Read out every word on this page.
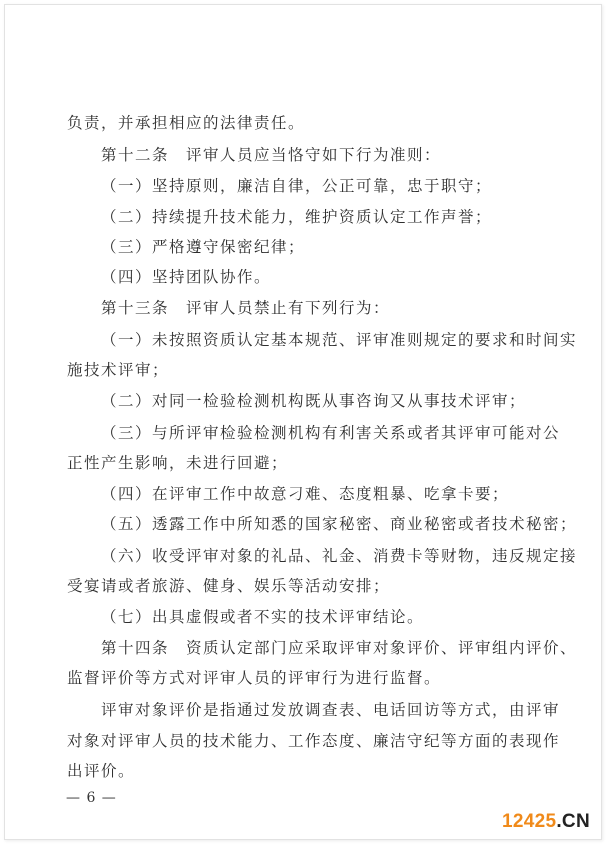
负责，并承担相应的法律责任。
第十二条　评审人员应当恪守如下行为准则：
（一）坚持原则，廉洁自律，公正可靠，忠于职守；
（二）持续提升技术能力，维护资质认定工作声誉；
（三）严格遵守保密纪律；
（四）坚持团队协作。
第十三条　评审人员禁止有下列行为：
（一）未按照资质认定基本规范、评审准则规定的要求和时间实
施技术评审；
（二）对同一检验检测机构既从事咨询又从事技术评审；
（三）与所评审检验检测机构有利害关系或者其评审可能对公
正性产生影响，未进行回避；
（四）在评审工作中故意刁难、态度粗暴、吃拿卡要；
（五）透露工作中所知悉的国家秘密、商业秘密或者技术秘密；
（六）收受评审对象的礼品、礼金、消费卡等财物，违反规定接
受宴请或者旅游、健身、娱乐等活动安排；
（七）出具虚假或者不实的技术评审结论。
第十四条　资质认定部门应采取评审对象评价、评审组内评价、
监督评价等方式对评审人员的评审行为进行监督。
评审对象评价是指通过发放调查表、电话回访等方式，由评审
对象对评审人员的技术能力、工作态度、廉洁守纪等方面的表现作
出评价。
— 6 —
12425.CN
